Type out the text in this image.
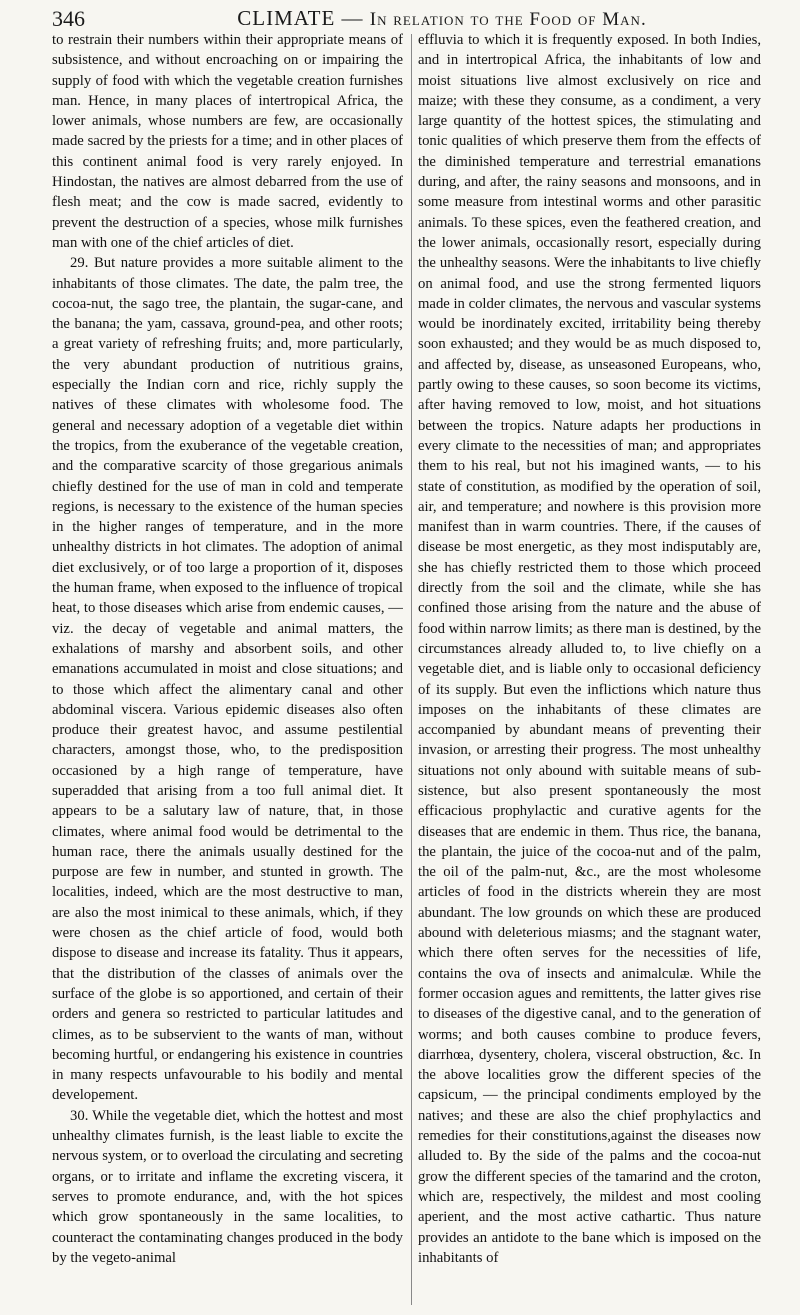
346	CLIMATE — In relation to the Food of Man.

to restrain their numbers within their appropriate means of subsistence, and without encroaching on or impairing the supply of food with which the vegetable creation furnishes man. Hence, in many places of intertropical Africa, the lower animals, whose numbers are few, are occasionally made sacred by the priests for a time; and in other places of this continent animal food is very rarely enjoyed. In Hindostan, the natives are almost debarred from the use of flesh meat; and the cow is made sacred, evidently to prevent the destruction of a species, whose milk furnishes man with one of the chief articles of diet.

29. But nature provides a more suitable aliment to the inhabitants of those climates. The date, the palm tree, the cocoa-nut, the sago tree, the plantain, the sugar-cane, and the banana; the yam, cassava, ground-pea, and other roots; a great variety of refreshing fruits; and, more particularly, the very abundant production of nutritious grains, especially the Indian corn and rice, richly supply the natives of these climates with wholesome food. The general and necessary adoption of a vegetable diet within the tropics, from the exuberance of the vegetable creation, and the comparative scarcity of those gregarious animals chiefly destined for the use of man in cold and temperate regions, is necessary to the existence of the human species in the higher ranges of temperature, and in the more unhealthy districts in hot climates. The adoption of animal diet exclusively, or of too large a proportion of it, disposes the human frame, when exposed to the influence of tropical heat, to those diseases which arise from endemic causes, — viz. the decay of vegetable and animal matters, the exhalations of marshy and absorbent soils, and other emanations accumulated in moist and close situations; and to those which affect the alimentary canal and other abdominal viscera. Various epidemic diseases also often produce their greatest havoc, and assume pestilential characters, amongst those, who, to the predisposition occasioned by a high range of temperature, have superadded that arising from a too full animal diet. It appears to be a salutary law of nature, that, in those climates, where animal food would be detrimental to the human race, there the animals usually destined for the purpose are few in number, and stunted in growth. The localities, indeed, which are the most destructive to man, are also the most inimical to these animals, which, if they were chosen as the chief article of food, would both dispose to disease and increase its fatality. Thus it appears, that the distribution of the classes of animals over the surface of the globe is so apportioned, and certain of their orders and genera so restricted to particular latitudes and climes, as to be subservient to the wants of man, without becoming hurtful, or endangering his existence in countries in many respects unfavourable to his bodily and mental developement.

30. While the vegetable diet, which the hottest and most unhealthy climates furnish, is the least liable to excite the nervous system, or to overload the circulating and secreting organs, or to irritate and inflame the excreting viscera, it serves to promote endurance, and, with the hot spices which grow spontaneously in the same localities, to counteract the contaminating changes produced in the body by the vegeto-animal

effluvia to which it is frequently exposed. In both Indies, and in intertropical Africa, the inhabitants of low and moist situations live almost exclusively on rice and maize; with these they consume, as a condiment, a very large quantity of the hottest spices, the stimulating and tonic qualities of which preserve them from the effects of the diminished temperature and terrestrial emanations during, and after, the rainy seasons and monsoons, and in some measure from intestinal worms and other parasitic animals. To these spices, even the feathered creation, and the lower animals, occasionally resort, especially during the unhealthy seasons. Were the inhabitants to live chiefly on animal food, and use the strong fermented liquors made in colder climates, the nervous and vascular systems would be inordinately excited, irritability being thereby soon exhausted; and they would be as much disposed to, and affected by, disease, as unseasoned Europeans, who, partly owing to these causes, so soon become its victims, after having removed to low, moist, and hot situations between the tropics. Nature adapts her productions in every climate to the necessities of man; and appropriates them to his real, but not his imagined wants, — to his state of constitution, as modified by the operation of soil, air, and temperature; and nowhere is this provision more manifest than in warm countries. There, if the causes of disease be most energetic, as they most indisputably are, she has chiefly restricted them to those which proceed directly from the soil and the climate, while she has confined those arising from the nature and the abuse of food within narrow limits; as there man is destined, by the circumstances already alluded to, to live chiefly on a vegetable diet, and is liable only to occasional deficiency of its supply. But even the inflictions which nature thus imposes on the inhabitants of these climates are accompanied by abundant means of preventing their invasion, or arresting their progress. The most unhealthy situations not only abound with suitable means of sub-sistence, but also present spontaneously the most efficacious prophylactic and curative agents for the diseases that are endemic in them. Thus rice, the banana, the plantain, the juice of the cocoa-nut and of the palm, the oil of the palm-nut, &c., are the most wholesome articles of food in the districts wherein they are most abundant. The low grounds on which these are produced abound with deleterious miasms; and the stagnant water, which there often serves for the necessities of life, contains the ova of insects and animalculæ. While the former occasion agues and remittents, the latter gives rise to diseases of the digestive canal, and to the generation of worms; and both causes combine to produce fevers, diarrhœa, dysentery, cholera, visceral obstruction, &c. In the above localities grow the different species of the capsicum, — the principal condiments employed by the natives; and these are also the chief prophylactics and remedies for their constitutions,against the diseases now alluded to. By the side of the palms and the cocoa-nut grow the different species of the tamarind and the croton, which are, respectively, the mildest and most cooling aperient, and the most active cathartic. Thus nature provides an antidote to the bane which is imposed on the inhabitants of
